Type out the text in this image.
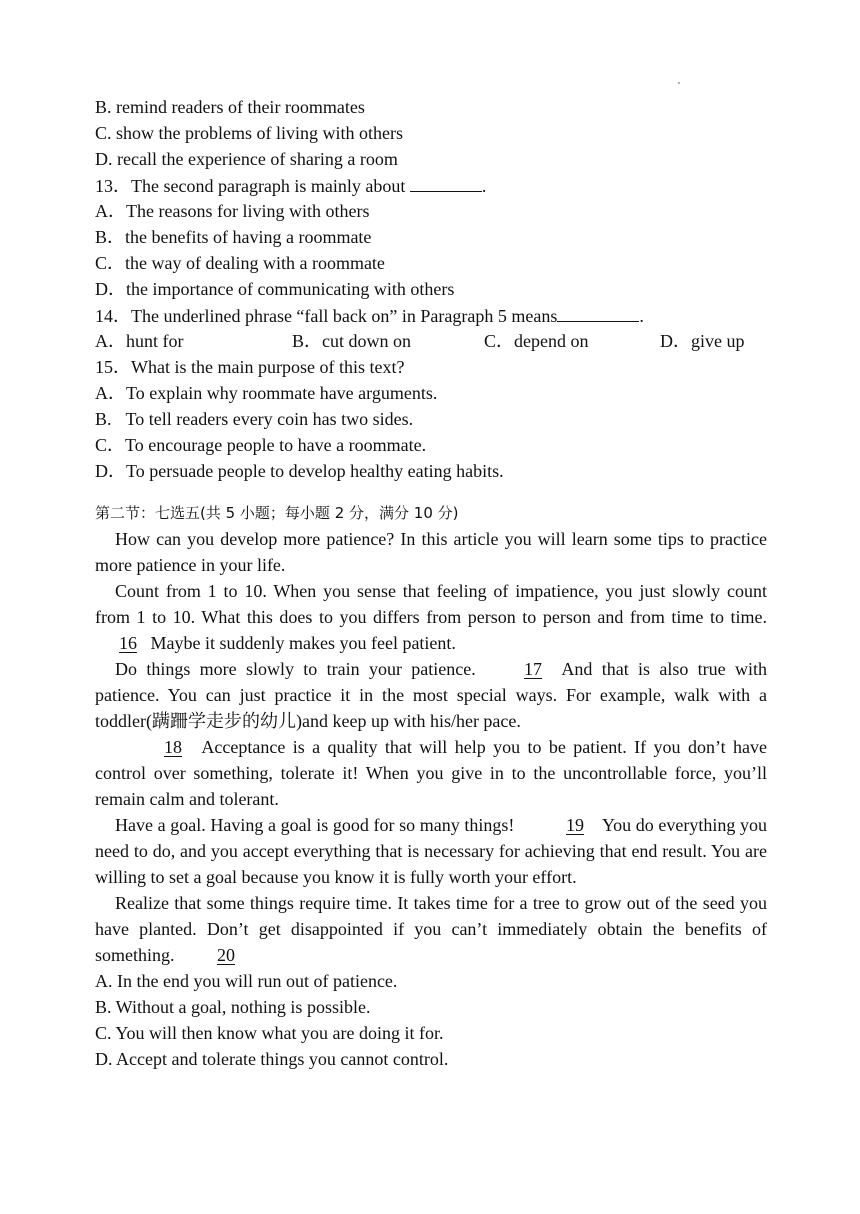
B. remind readers of their roommates
C. show the problems of living with others
D. recall the experience of sharing a room
13．The second paragraph is mainly about	.
A．The reasons for living with others
B．the benefits of having a roommate
C．the way of dealing with a roommate
D．the importance of communicating with others
14．The underlined phrase “fall back on” in Paragraph 5 means	.
A．hunt for	B．cut down on	C．depend on	D．give up
15．What is the main purpose of this text?
A．To explain why roommate have arguments.
B. To tell readers every coin has two sides.
C．To encourage people to have a roommate.
D．To persuade people to develop healthy eating habits.
第二节：七选五(共 5 小题；每小题 2 分，满分 10 分)

How can you develop more patience? In this article you will learn some tips to practice more patience in your life.

Count from 1 to 10. When you sense that feeling of impatience, you just slowly count from 1 to 10. What this does to you differs from person to person and from time to time.16 Maybe it suddenly makes you feel patient.

Do things more slowly to train your patience.	17 And that is also true with patience. You can just practice it in the most special ways. For example, walk with a toddler(蹒跚学走步的幼儿)and keep up with his/her pace.

18 Acceptance is a quality that will help you to be patient. If you don’t have control over something, tolerate it! When you give in to the uncontrollable force, you’ll remain calm and tolerant.

Have a goal. Having a goal is good for so many things!	19 You do everything you need to do, and you accept everything that is necessary for achieving that end result. You are willing to set a goal because you know it is fully worth your effort.

Realize that some things require time. It takes time for a tree to grow out of the seed you have planted. Don’t get disappointed if you can’t immediately obtain the benefits of something. 20

A. In the end you will run out of patience.
B. Without a goal, nothing is possible.
C. You will then know what you are doing it for.
D. Accept and tolerate things you cannot control.
